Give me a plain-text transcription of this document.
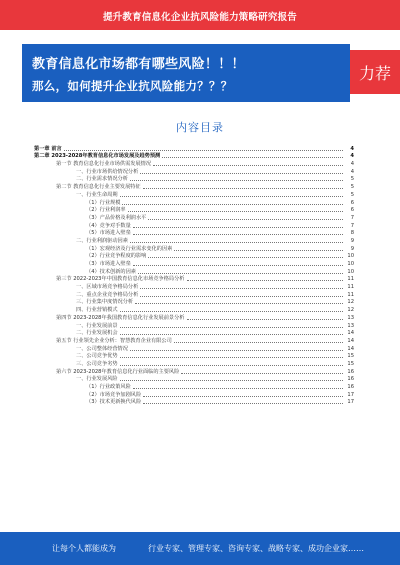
提升教育信息化企业抗风险能力策略研究报告
教育信息化市场都有哪些风险！！！
那么，如何提升企业抗风险能力？？？
力荐
内容目录
第一章 前言	4
第二章 2023-2028年教育信息化市场发展及趋势预测	4
第一节 教育信息化行业市场供需发展情况	4
一、行业市场供给情况分析	4
二、行业需求情况分析	5
第二节 教育信息化行业主要发展特征	5
一、行业生命周期	5
（1）行业规模	6
（2）行业利润率	6
（3）产品价格及利润水平	7
（4）竞争对手数量	7
（5）市场进入壁垒	8
二、行业利润驱动因素	9
（1）宏观经济及行业需求变化的因素	9
（2）行业竞争程度的影响	10
（3）市场进入壁垒	10
（4）技术创新的因素	10
第三节 2022-2023年中国教育信息化市场竞争格局分析	11
一、区域市场竞争格局分析	11
二、重点企业竞争格局分析	11
三、行业集中度情况分析	12
四、行业营销模式	12
第四节 2023-2028年我国教育信息化行业发展前景分析	13
一、行业发展前景	13
二、行业发展机会	14
第五节 行业领先企业分析：智慧教育企业有限公司	14
一、公司整体经营情况	14
二、公司竞争优势	15
三、公司竞争劣势	15
第六节 2023-2028年教育信息化行业面临的主要风险	16
一、行业发展风险	16
（1）行业政策风险	16
（2）市场竞争加剧风险	17
（3）技术更新换代风险	17
让每个人都能成为	行业专家、管理专家、咨询专家、战略专家、成功企业家……
